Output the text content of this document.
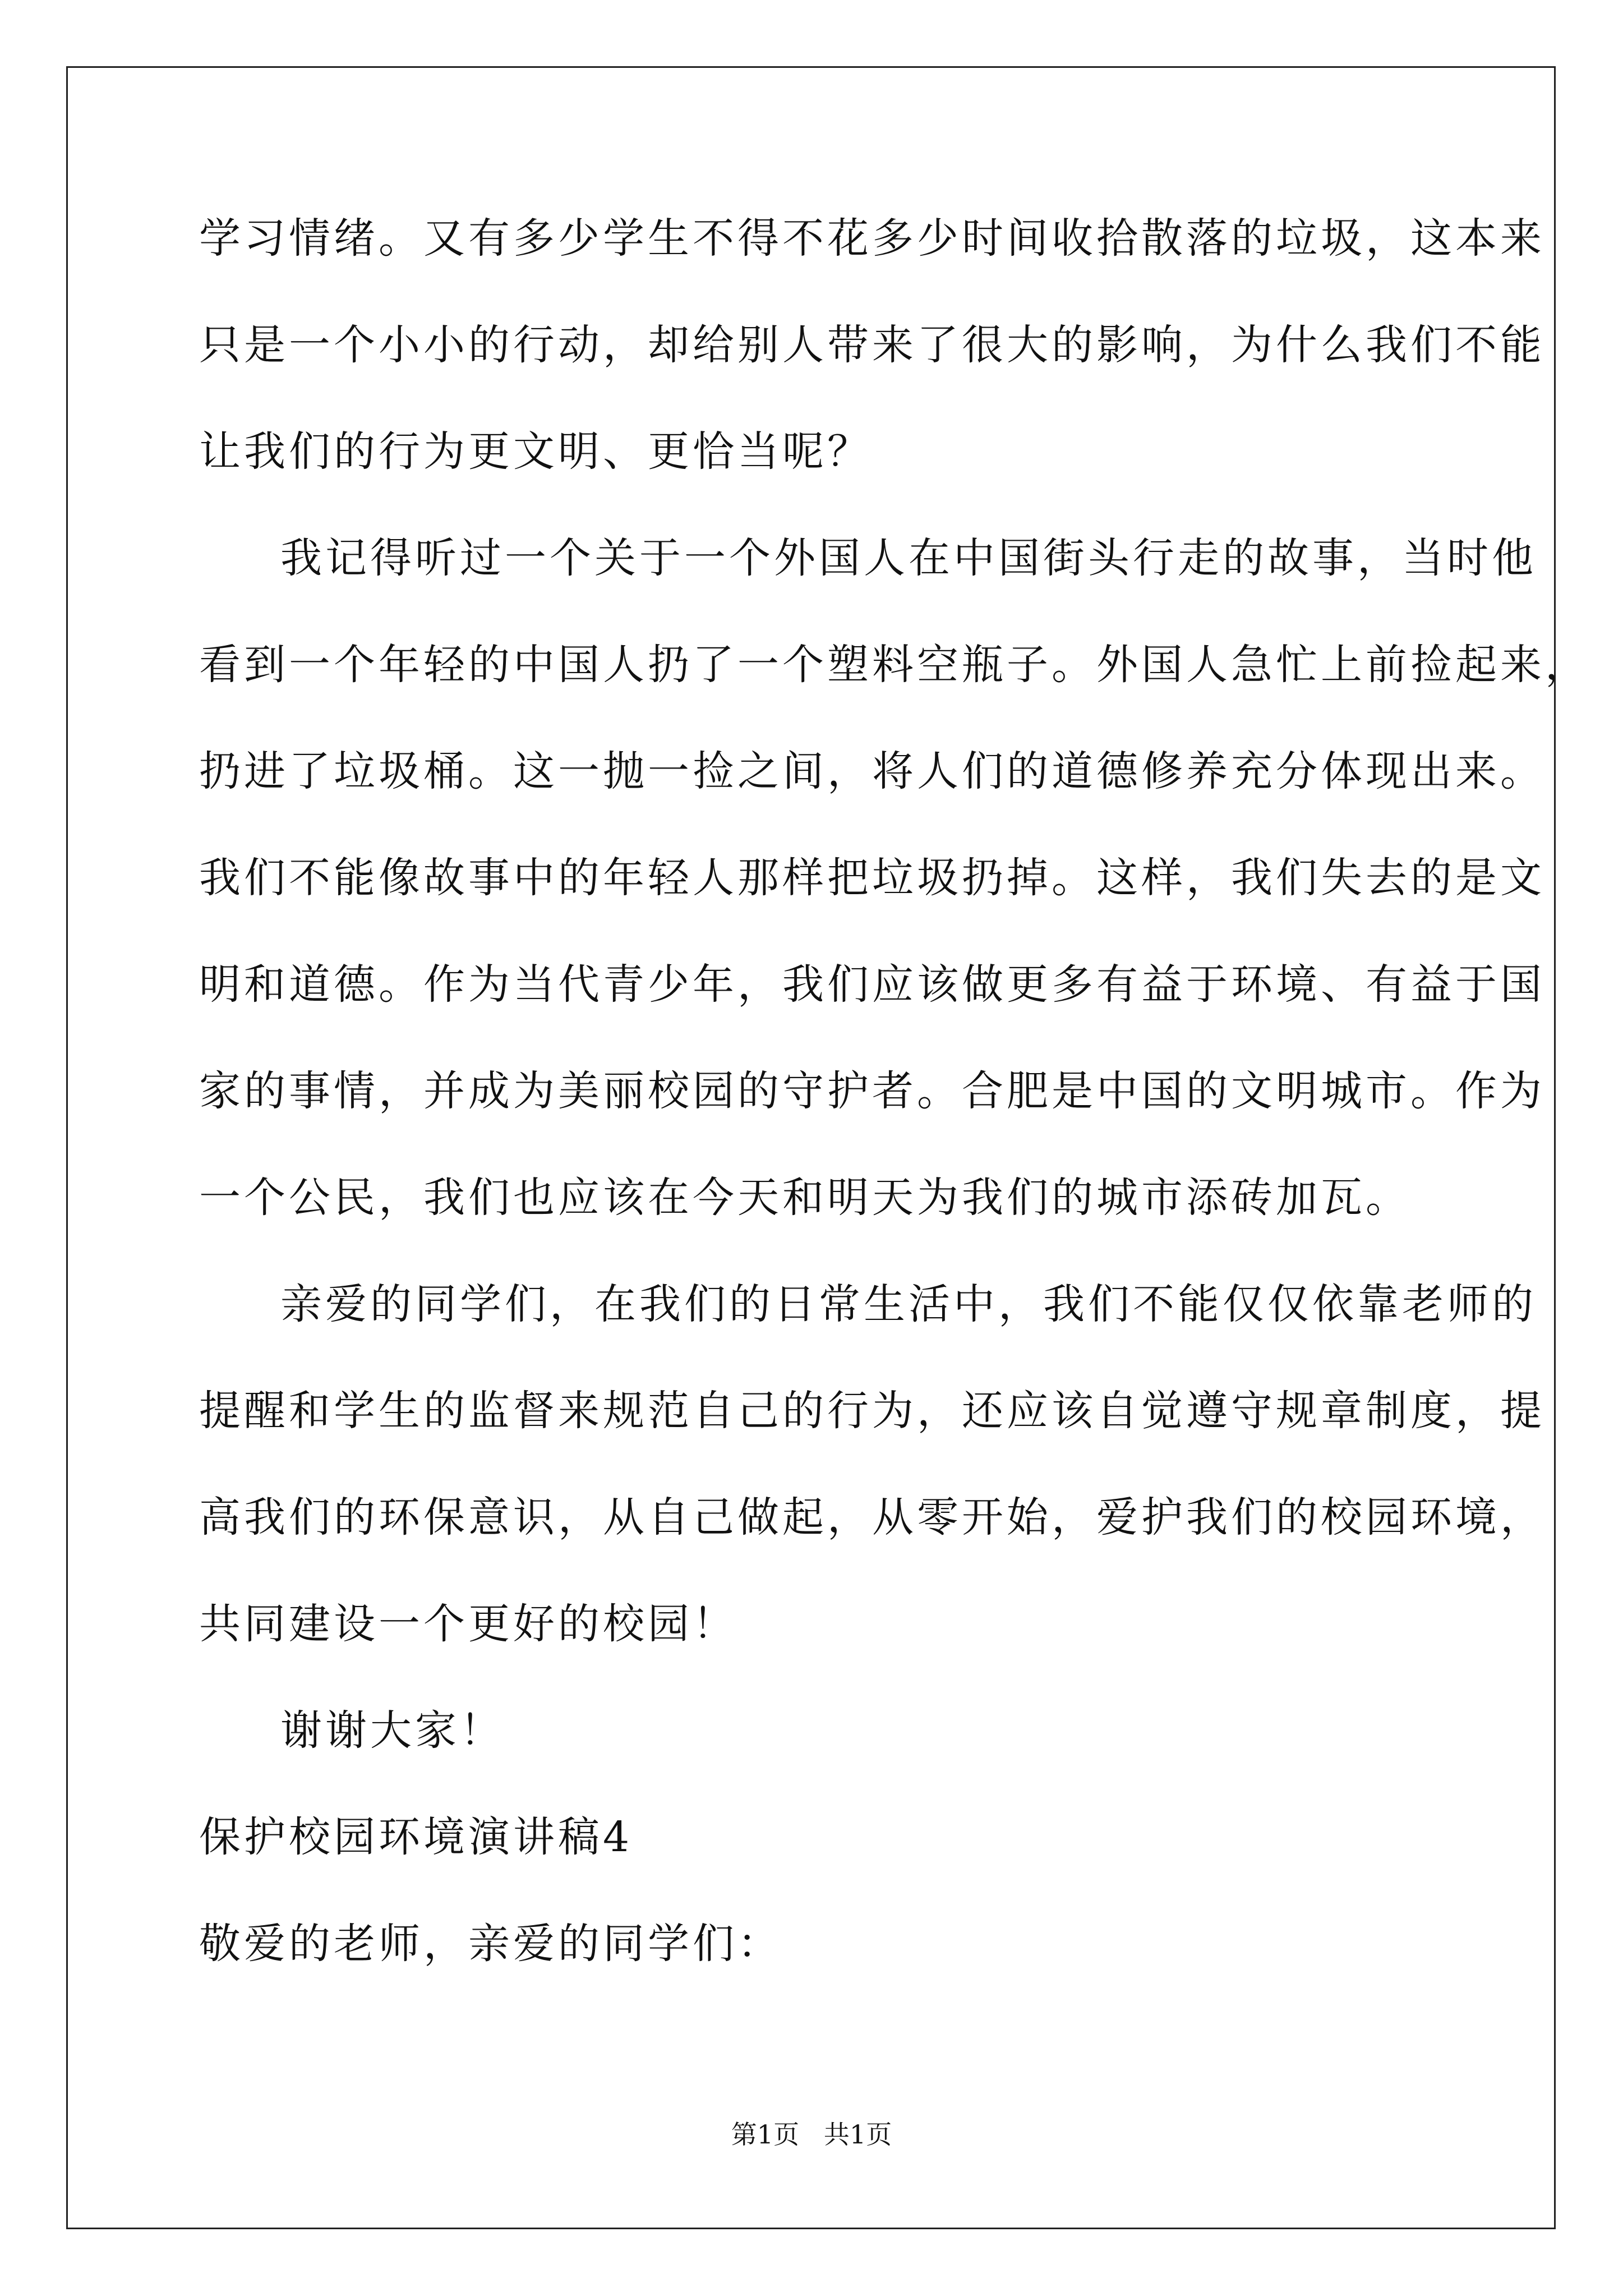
学习情绪。又有多少学生不得不花多少时间收拾散落的垃圾，这本来
只是一个小小的行动，却给别人带来了很大的影响，为什么我们不能
让我们的行为更文明、更恰当呢？
我记得听过一个关于一个外国人在中国街头行走的故事，当时他
看到一个年轻的中国人扔了一个塑料空瓶子。外国人急忙上前捡起来，
扔进了垃圾桶。这一抛一捡之间，将人们的道德修养充分体现出来。
我们不能像故事中的年轻人那样把垃圾扔掉。这样，我们失去的是文
明和道德。作为当代青少年，我们应该做更多有益于环境、有益于国
家的事情，并成为美丽校园的守护者。合肥是中国的文明城市。作为
一个公民，我们也应该在今天和明天为我们的城市添砖加瓦。
亲爱的同学们，在我们的日常生活中，我们不能仅仅依靠老师的
提醒和学生的监督来规范自己的行为，还应该自觉遵守规章制度，提
高我们的环保意识，从自己做起，从零开始，爱护我们的校园环境，
共同建设一个更好的校园！
谢谢大家！
保护校园环境演讲稿4
敬爱的老师，亲爱的同学们：
第1页   共1页
